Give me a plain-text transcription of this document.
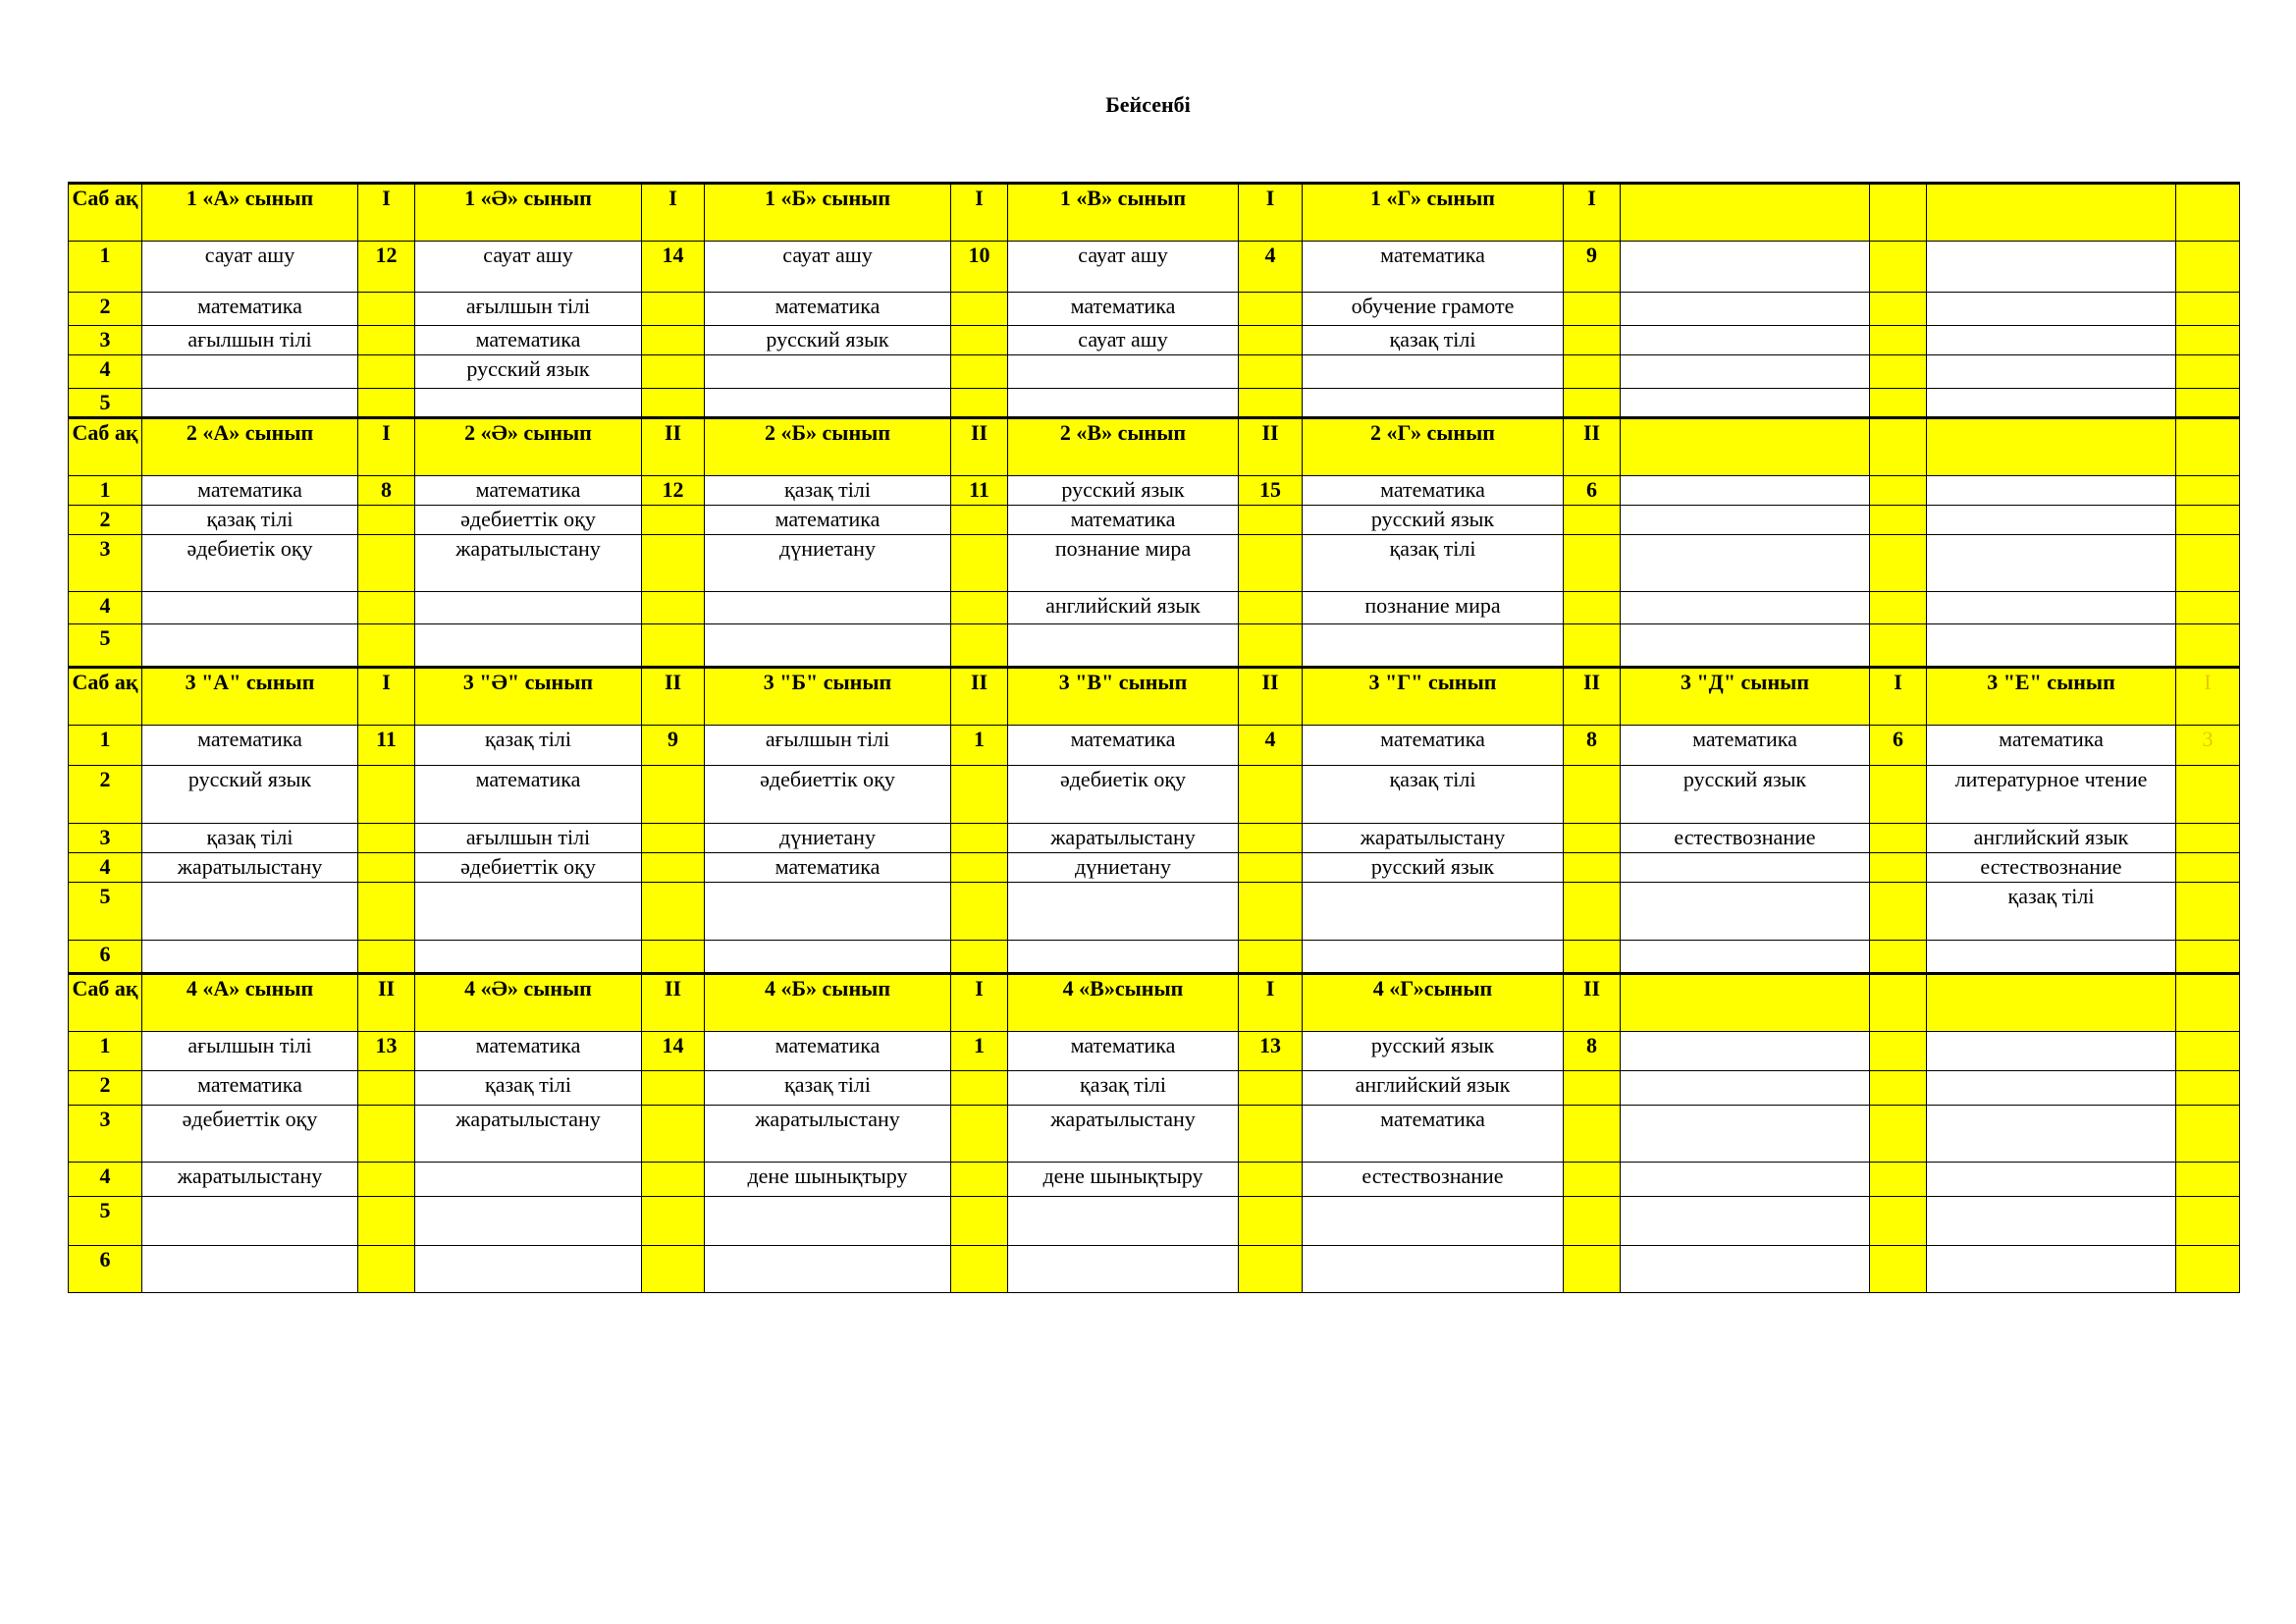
Бейсенбі
Саб ақ	1 «А» сынып	I	1 «Ә» сынып	I	1 «Б» сынып	I	1 «В» сынып	I	1 «Г» сынып	I				
1	сауат ашу	12	сауат ашу	14	сауат ашу	10	сауат ашу	4	математика	9				
2	математика		ағылшын тілі		математика		математика		обучение грамоте					
3	ағылшын тілі		математика		русский язык		сауат ашу		қазақ тілі					
4			русский язык											
5														
Саб ақ	2 «А» сынып	I	2 «Ә» сынып	II	2 «Б» сынып	II	2 «В» сынып	II	2 «Г» сынып	II				
1	математика	8	математика	12	қазақ тілі	11	русский язык	15	математика	6				
2	қазақ тілі		әдебиеттік оқу		математика		математика		русский язык					
3	әдебиетік оқу		жаратылыстану		дүниетану		познание мира		қазақ тілі					
4							английский язык		познание мира					
5														
Саб ақ	3 "А" сынып	I	3 "Ә" сынып	II	3 "Б" сынып	II	3 "В" сынып	II	3 "Г" сынып	II	3 "Д" сынып	I	3 "Е" сынып	I
1	математика	11	қазақ тілі	9	ағылшын тілі	1	математика	4	математика	8	математика	6	математика	3
2	русский язык		математика		әдебиеттік оқу		әдебиетік оқу		қазақ тілі		русский язык		литературное чтение	
3	қазақ тілі		ағылшын тілі		дүниетану		жаратылыстану		жаратылыстану		естествознание		английский язык	
4	жаратылыстану		әдебиеттік оқу		математика		дүниетану		русский язык				естествознание	
5													қазақ тілі	
6														
Саб ақ	4 «А» сынып	II	4 «Ә» сынып	II	4 «Б» сынып	I	4 «В»сынып	I	4 «Г»сынып	II				
1	ағылшын тілі	13	математика	14	математика	1	математика	13	русский язык	8				
2	математика		қазақ тілі		қазақ тілі		қазақ тілі		английский язык					
3	әдебиеттік оқу		жаратылыстану		жаратылыстану		жаратылыстану		математика					
4	жаратылыстану				дене шынықтыру		дене шынықтыру		естествознание					
5														
6														
